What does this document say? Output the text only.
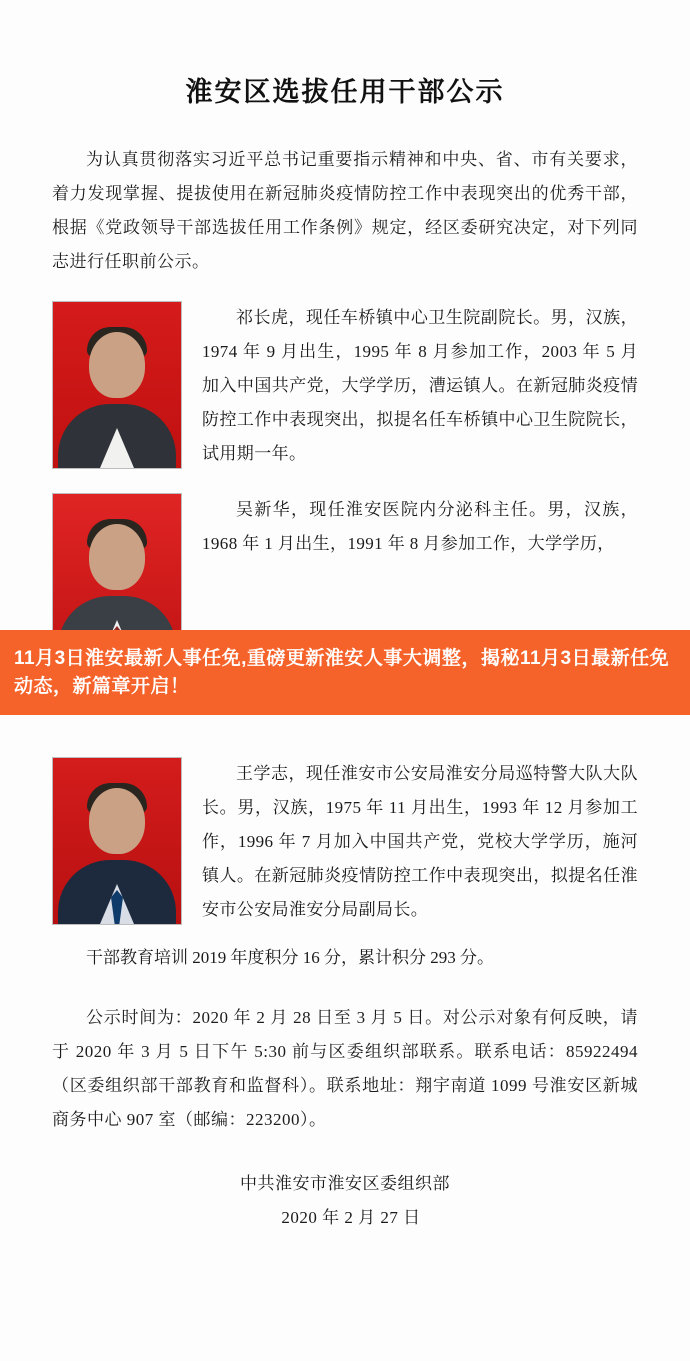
淮安区选拔任用干部公示

为认真贯彻落实习近平总书记重要指示精神和中央、省、市有关要求，着力发现掌握、提拔使用在新冠肺炎疫情防控工作中表现突出的优秀干部，根据《党政领导干部选拔任用工作条例》规定，经区委研究决定，对下列同志进行任职前公示。

祁长虎，现任车桥镇中心卫生院副院长。男，汉族，1974 年 9 月出生，1995 年 8 月参加工作，2003 年 5 月加入中国共产党，大学学历，漕运镇人。在新冠肺炎疫情防控工作中表现突出，拟提名任车桥镇中心卫生院院长，试用期一年。

吴新华，现任淮安医院内分泌科主任。男，汉族，1968 年 1 月出生，1991 年 8 月参加工作，大学学历，

王学志，现任淮安市公安局淮安分局巡特警大队大队长。男，汉族，1975 年 11 月出生，1993 年 12 月参加工作，1996 年 7 月加入中国共产党，党校大学学历，施河镇人。在新冠肺炎疫情防控工作中表现突出，拟提名任淮安市公安局淮安分局副局长。

干部教育培训 2019 年度积分 16 分，累计积分 293 分。

公示时间为：2020 年 2 月 28 日至 3 月 5 日。对公示对象有何反映，请于 2020 年 3 月 5 日下午 5:30 前与区委组织部联系。联系电话：85922494（区委组织部干部教育和监督科）。联系地址：翔宇南道 1099 号淮安区新城商务中心 907 室（邮编：223200）。

中共淮安市淮安区委组织部
2020 年 2 月 27 日
11月3日淮安最新人事任免,重磅更新淮安人事大调整，揭秘11月3日最新任免动态，新篇章开启！
